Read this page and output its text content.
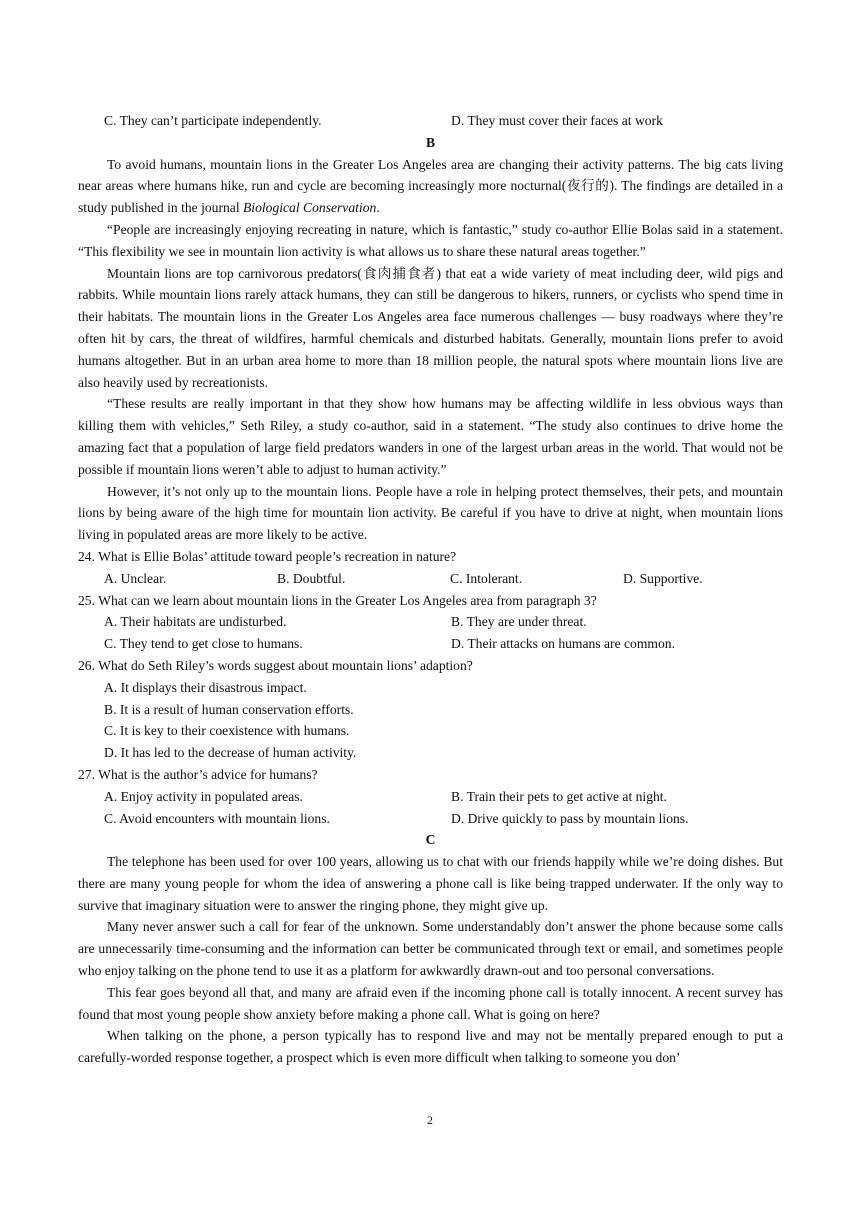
C. They can’t participate independently.	D. They must cover their faces at work

B

To avoid humans, mountain lions in the Greater Los Angeles area are changing their activity patterns. The big cats living near areas where humans hike, run and cycle are becoming increasingly more nocturnal(夜行的). The findings are detailed in a study published in the journal Biological Conservation.

“People are increasingly enjoying recreating in nature, which is fantastic,” study co-author Ellie Bolas said in a statement. “This flexibility we see in mountain lion activity is what allows us to share these natural areas together.”

Mountain lions are top carnivorous predators(食肉捕食者) that eat a wide variety of meat including deer, wild pigs and rabbits. While mountain lions rarely attack humans, they can still be dangerous to hikers, runners, or cyclists who spend time in their habitats. The mountain lions in the Greater Los Angeles area face numerous challenges — busy roadways where they’re often hit by cars, the threat of wildfires, harmful chemicals and disturbed habitats. Generally, mountain lions prefer to avoid humans altogether. But in an urban area home to more than 18 million people, the natural spots where mountain lions live are also heavily used by recreationists.

“These results are really important in that they show how humans may be affecting wildlife in less obvious ways than killing them with vehicles,” Seth Riley, a study co-author, said in a statement. “The study also continues to drive home the amazing fact that a population of large field predators wanders in one of the largest urban areas in the world. That would not be possible if mountain lions weren’t able to adjust to human activity.”

However, it’s not only up to the mountain lions. People have a role in helping protect themselves, their pets, and mountain lions by being aware of the high time for mountain lion activity. Be careful if you have to drive at night, when mountain lions living in populated areas are more likely to be active.

24. What is Ellie Bolas’ attitude toward people’s recreation in nature?

A. Unclear.	B. Doubtful.	C. Intolerant.	D. Supportive.

25. What can we learn about mountain lions in the Greater Los Angeles area from paragraph 3?

A. Their habitats are undisturbed.	B. They are under threat.
C. They tend to get close to humans.	D. Their attacks on humans are common.

26. What do Seth Riley’s words suggest about mountain lions’ adaption?

A. It displays their disastrous impact.

B. It is a result of human conservation efforts.

C. It is key to their coexistence with humans.

D. It has led to the decrease of human activity.

27. What is the author’s advice for humans?

A. Enjoy activity in populated areas.	B. Train their pets to get active at night.
C. Avoid encounters with mountain lions.	D. Drive quickly to pass by mountain lions.

C

The telephone has been used for over 100 years, allowing us to chat with our friends happily while we’re doing dishes. But there are many young people for whom the idea of answering a phone call is like being trapped underwater. If the only way to survive that imaginary situation were to answer the ringing phone, they might give up.

Many never answer such a call for fear of the unknown. Some understandably don’t answer the phone because some calls are unnecessarily time-consuming and the information can better be communicated through text or email, and sometimes people who enjoy talking on the phone tend to use it as a platform for awkwardly drawn-out and too personal conversations.

This fear goes beyond all that, and many are afraid even if the incoming phone call is totally innocent. A recent survey has found that most young people show anxiety before making a phone call. What is going on here?

When talking on the phone, a person typically has to respond live and may not be mentally prepared enough to put a carefully-worded response together, a prospect which is even more difficult when talking to someone you don’

2
